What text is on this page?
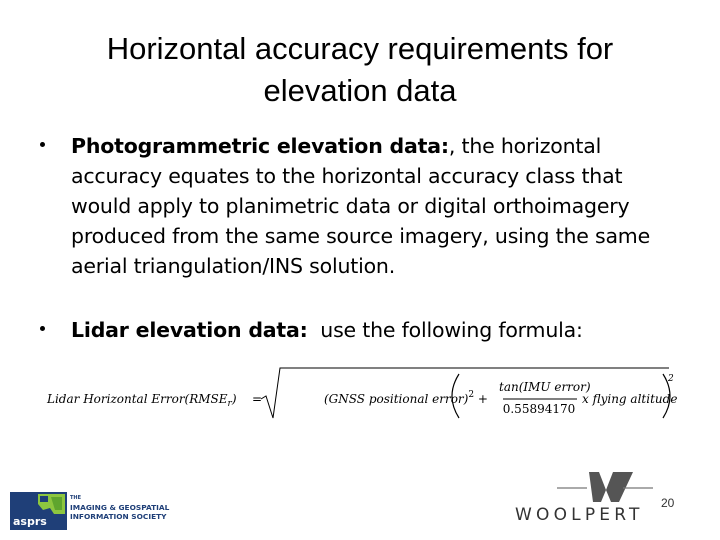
Horizontal accuracy requirements for
elevation data
Photogrammetric elevation data:, the horizontal accuracy equates to the horizontal accuracy class that would apply to planimetric data or digital orthoimagery produced from the same source imagery, using the same aerial triangulation/INS solution.
Lidar elevation data:  use the following formula:
2
Lidar Horizontal $Error(RMSE_r)$ =	(GNSS positional error)$^2$ +
tan(IMU error)
0.55894170
x flying altitude
asprs
THE
IMAGING & GEOSPATIAL
INFORMATION SOCIETY	WOOLPERT
20
